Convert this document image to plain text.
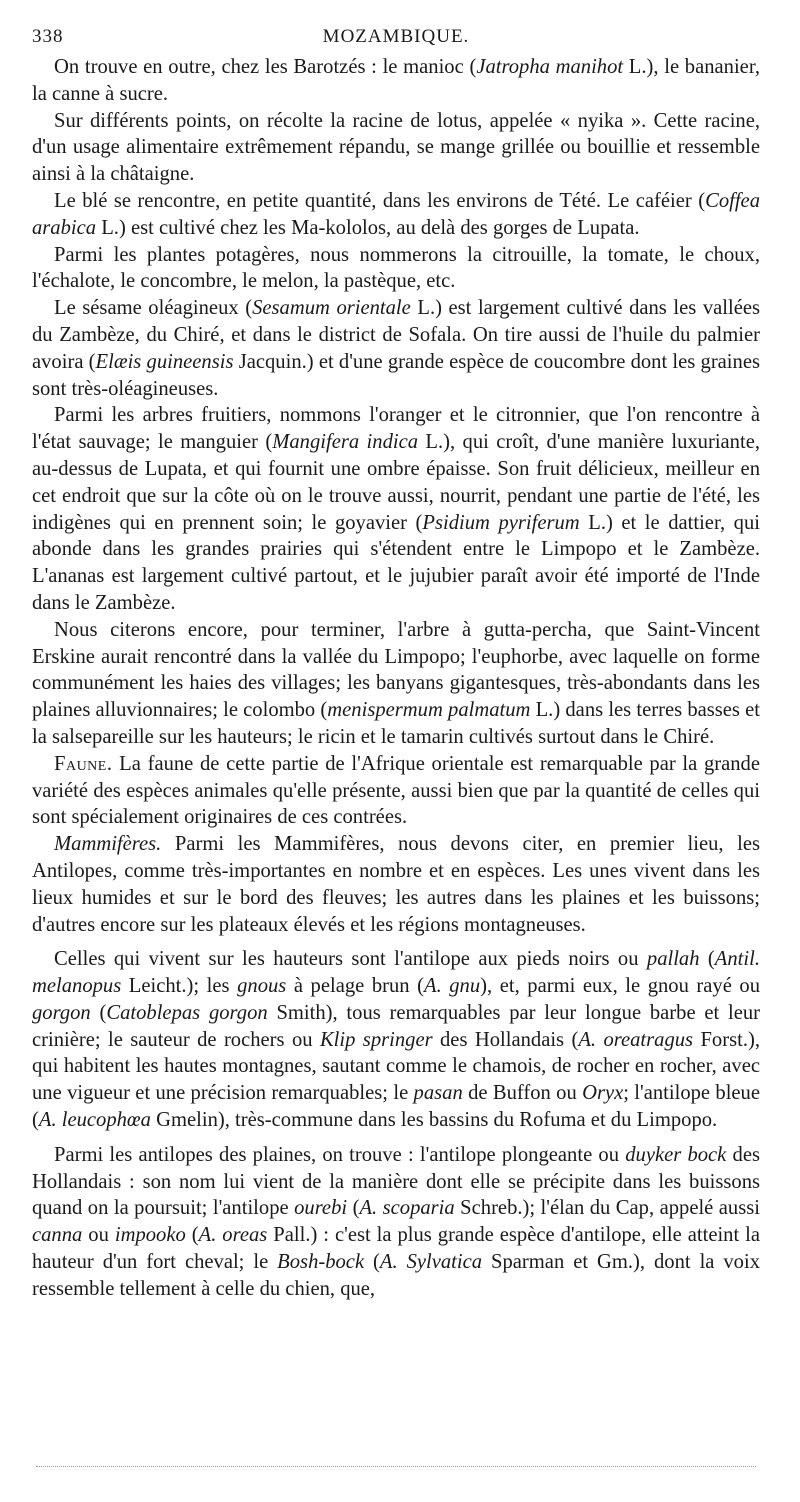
338	MOZAMBIQUE.

On trouve en outre, chez les Barotzés : le manioc (Jatropha manihot L.), le bananier, la canne à sucre.

Sur différents points, on récolte la racine de lotus, appelée « nyika ». Cette racine, d'un usage alimentaire extrêmement répandu, se mange grillée ou bouillie et ressemble ainsi à la châtaigne.

Le blé se rencontre, en petite quantité, dans les environs de Tété. Le caféier (Coffea arabica L.) est cultivé chez les Ma-kololos, au delà des gorges de Lupata.

Parmi les plantes potagères, nous nommerons la citrouille, la tomate, le choux, l'échalote, le concombre, le melon, la pastèque, etc.

Le sésame oléagineux (Sesamum orientale L.) est largement cultivé dans les vallées du Zambèze, du Chiré, et dans le district de Sofala. On tire aussi de l'huile du palmier avoira (Elæis guineensis Jacquin.) et d'une grande espèce de coucombre dont les graines sont très-oléagineuses.

Parmi les arbres fruitiers, nommons l'oranger et le citronnier, que l'on rencontre à l'état sauvage; le manguier (Mangifera indica L.), qui croît, d'une manière luxuriante, au-dessus de Lupata, et qui fournit une ombre épaisse. Son fruit délicieux, meilleur en cet endroit que sur la côte où on le trouve aussi, nourrit, pendant une partie de l'été, les indigènes qui en prennent soin; le goyavier (Psidium pyriferum L.) et le dattier, qui abonde dans les grandes prairies qui s'étendent entre le Limpopo et le Zambèze. L'ananas est largement cultivé partout, et le jujubier paraît avoir été importé de l'Inde dans le Zambèze.

Nous citerons encore, pour terminer, l'arbre à gutta-percha, que Saint-Vincent Erskine aurait rencontré dans la vallée du Limpopo; l'euphorbe, avec laquelle on forme communément les haies des villages; les banyans gigantesques, très-abondants dans les plaines alluvionnaires; le colombo (menispermum palmatum L.) dans les terres basses et la salsepareille sur les hauteurs; le ricin et le tamarin cultivés surtout dans le Chiré.

Faune. La faune de cette partie de l'Afrique orientale est remarquable par la grande variété des espèces animales qu'elle présente, aussi bien que par la quantité de celles qui sont spécialement originaires de ces contrées.

Mammifères. Parmi les Mammifères, nous devons citer, en premier lieu, les Antilopes, comme très-importantes en nombre et en espèces. Les unes vivent dans les lieux humides et sur le bord des fleuves; les autres dans les plaines et les buissons; d'autres encore sur les plateaux élevés et les régions montagneuses.

Celles qui vivent sur les hauteurs sont l'antilope aux pieds noirs ou pallah (Antil. melanopus Leicht.); les gnous à pelage brun (A. gnu), et, parmi eux, le gnou rayé ou gorgon (Catoblepas gorgon Smith), tous remarquables par leur longue barbe et leur crinière; le sauteur de rochers ou Klip springer des Hollandais (A. oreatragus Forst.), qui habitent les hautes montagnes, sautant comme le chamois, de rocher en rocher, avec une vigueur et une précision remarquables; le pasan de Buffon ou Oryx; l'antilope bleue (A. leucophœa Gmelin), très-commune dans les bassins du Rofuma et du Limpopo.

Parmi les antilopes des plaines, on trouve : l'antilope plongeante ou duyker bock des Hollandais : son nom lui vient de la manière dont elle se précipite dans les buissons quand on la poursuit; l'antilope ourebi (A. scoparia Schreb.); l'élan du Cap, appelé aussi canna ou impooko (A. oreas Pall.) : c'est la plus grande espèce d'antilope, elle atteint la hauteur d'un fort cheval; le Bosh-bock (A. Sylvatica Sparman et Gm.), dont la voix ressemble tellement à celle du chien, que,
